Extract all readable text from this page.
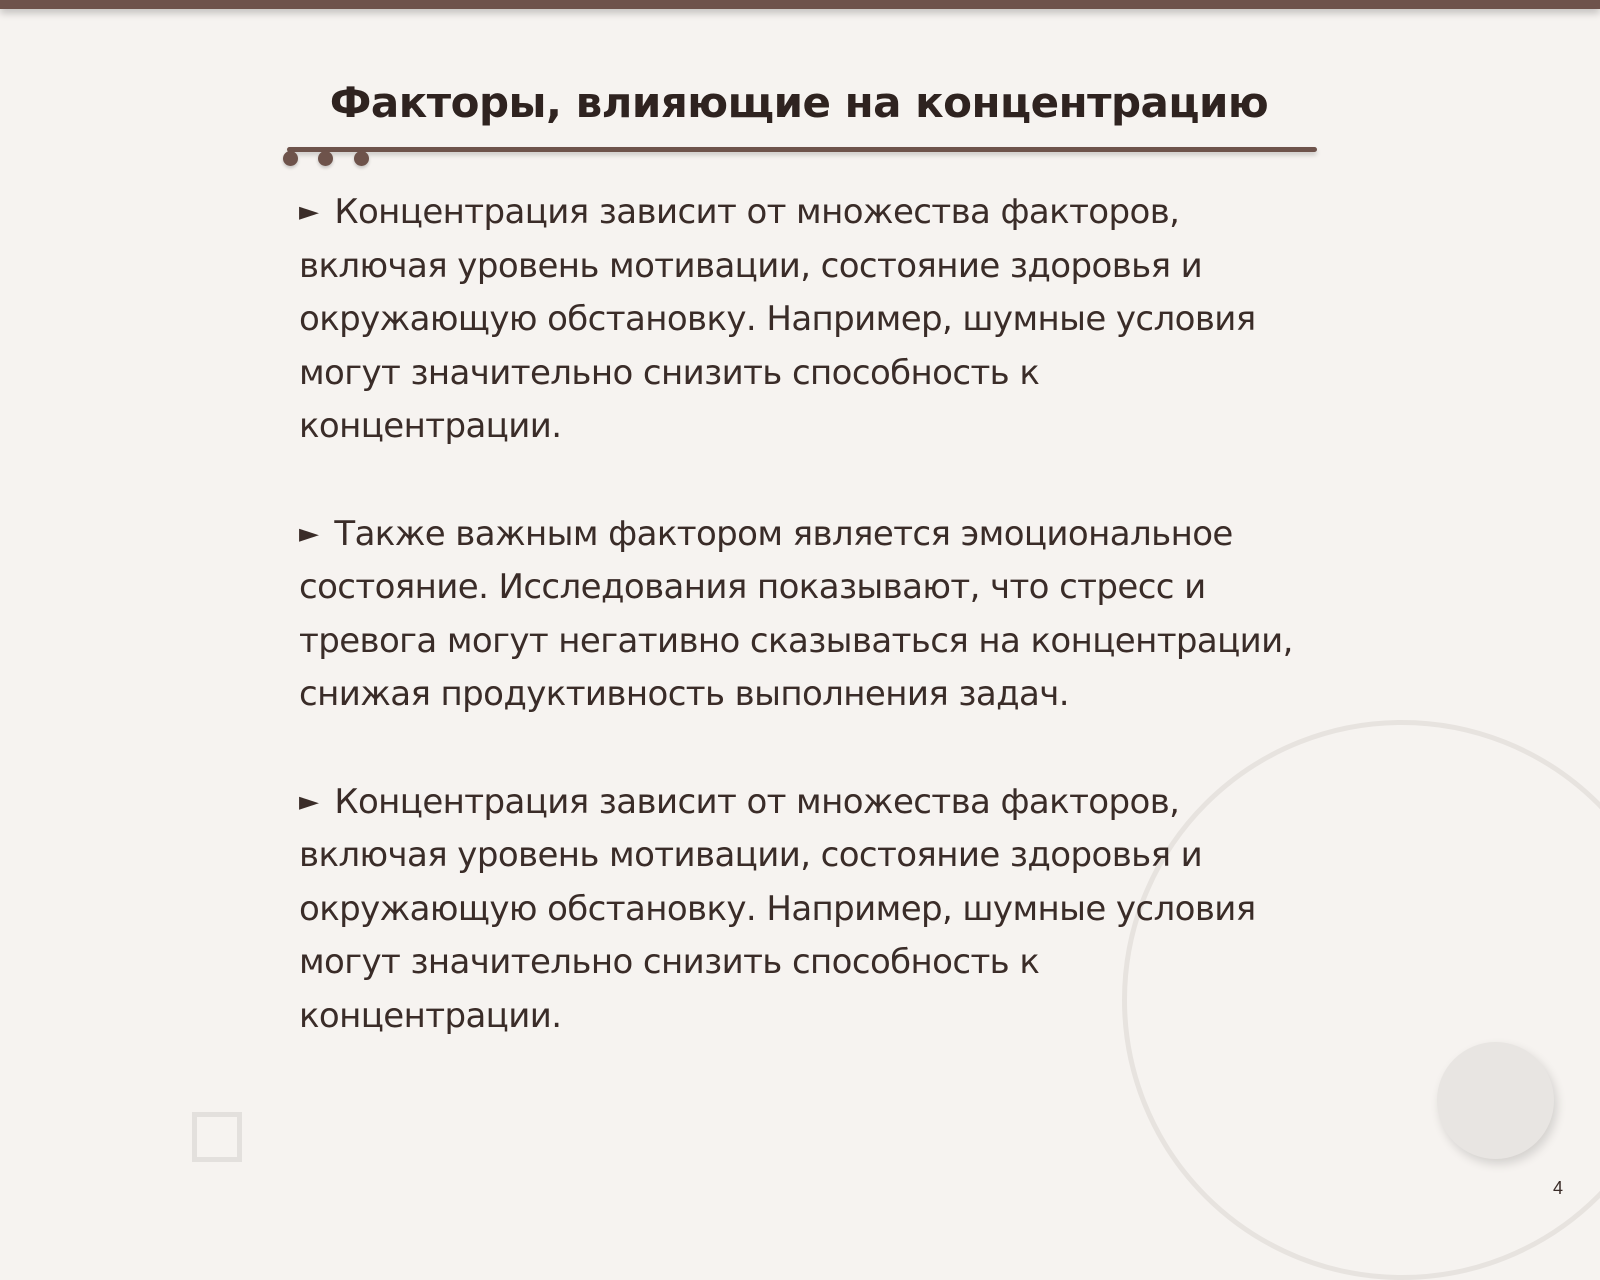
Факторы, влияющие на концентрацию

► Концентрация зависит от множества факторов, включая уровень мотивации, состояние здоровья и окружающую обстановку. Например, шумные условия могут значительно снизить способность к концентрации.

► Также важным фактором является эмоциональное состояние. Исследования показывают, что стресс и тревога могут негативно сказываться на концентрации, снижая продуктивность выполнения задач.

► Концентрация зависит от множества факторов, включая уровень мотивации, состояние здоровья и окружающую обстановку. Например, шумные условия могут значительно снизить способность к концентрации.

4
